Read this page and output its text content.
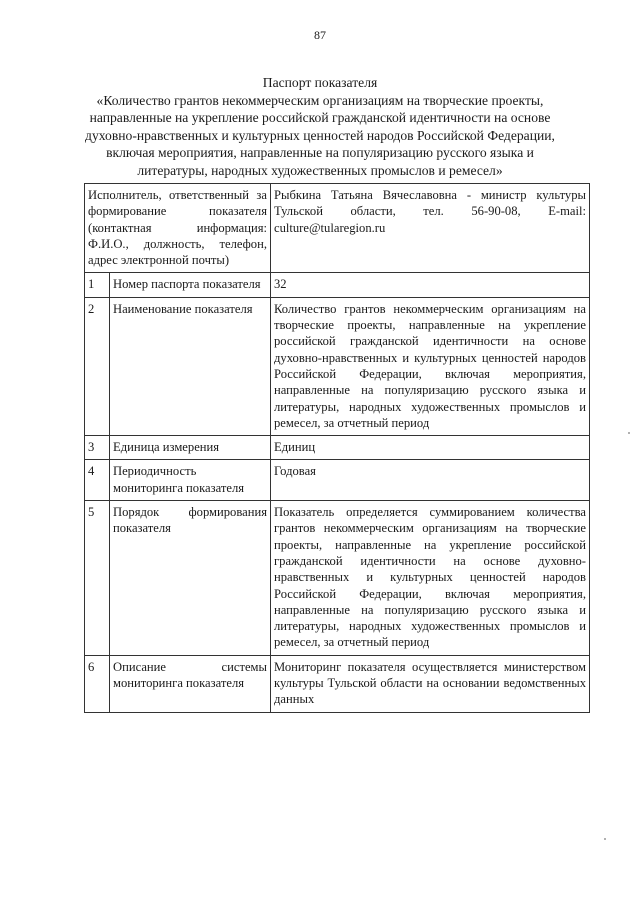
87
Паспорт показателя
«Количество грантов некоммерческим организациям на творческие проекты,
направленные на укрепление российской гражданской идентичности на основе
духовно-нравственных и культурных ценностей народов Российской Федерации,
включая мероприятия, направленные на популяризацию русского языка и
литературы, народных художественных промыслов и ремесел»
Исполнитель, ответственный за формирование показателя (контактная информация: Ф.И.О., должность, телефон, адрес электронной почты)		Рыбкина Татьяна Вячеславовна - министр культуры Тульской области, тел. 56-90-08, E-mail: culture@tularegion.ru
1	Номер паспорта показателя	32
2	Наименование показателя	Количество грантов некоммерческим организациям на творческие проекты, направленные на укрепление российской гражданской идентичности на основе духовно-нравственных и культурных ценностей народов Российской Федерации, включая мероприятия, направленные на популяризацию русского языка и литературы, народных художественных промыслов и ремесел, за отчетный период
3	Единица измерения	Единиц
4	Периодичность мониторинга показателя	Годовая
5	Порядок формирования показателя	Показатель определяется суммированием количества грантов некоммерческим организациям на творческие проекты, направленные на укрепление российской гражданской идентичности на основе духовно-нравственных и культурных ценностей народов Российской Федерации, включая мероприятия, направленные на популяризацию русского языка и литературы, народных художественных промыслов и ремесел, за отчетный период
6	Описание системы мониторинга показателя	Мониторинг показателя осуществляется министерством культуры Тульской области на основании ведомственных данных
